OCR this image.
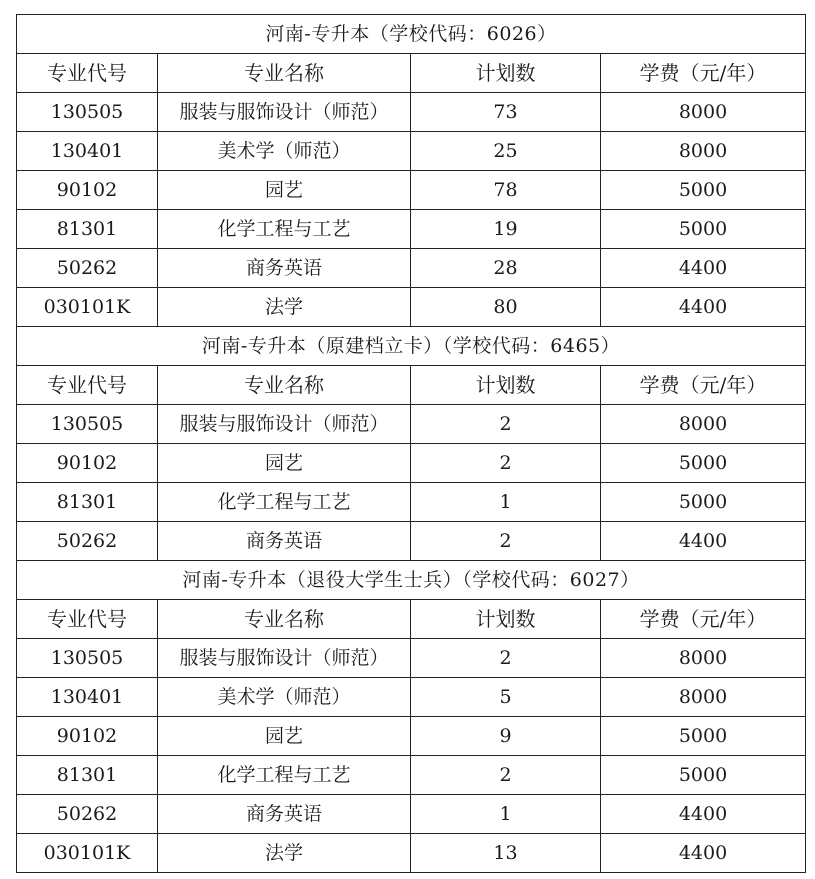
河南-专升本（学校代码：6026）			
专业代号	专业名称	计划数	学费（元/年）
130505	服装与服饰设计（师范）	73	8000
130401	美术学（师范）	25	8000
90102	园艺	78	5000
81301	化学工程与工艺	19	5000
50262	商务英语	28	4400
030101K	法学	80	4400
河南-专升本（原建档立卡）（学校代码：6465）			
专业代号	专业名称	计划数	学费（元/年）
130505	服装与服饰设计（师范）	2	8000
90102	园艺	2	5000
81301	化学工程与工艺	1	5000
50262	商务英语	2	4400
河南-专升本（退役大学生士兵）（学校代码：6027）			
专业代号	专业名称	计划数	学费（元/年）
130505	服装与服饰设计（师范）	2	8000
130401	美术学（师范）	5	8000
90102	园艺	9	5000
81301	化学工程与工艺	2	5000
50262	商务英语	1	4400
030101K	法学	13	4400
